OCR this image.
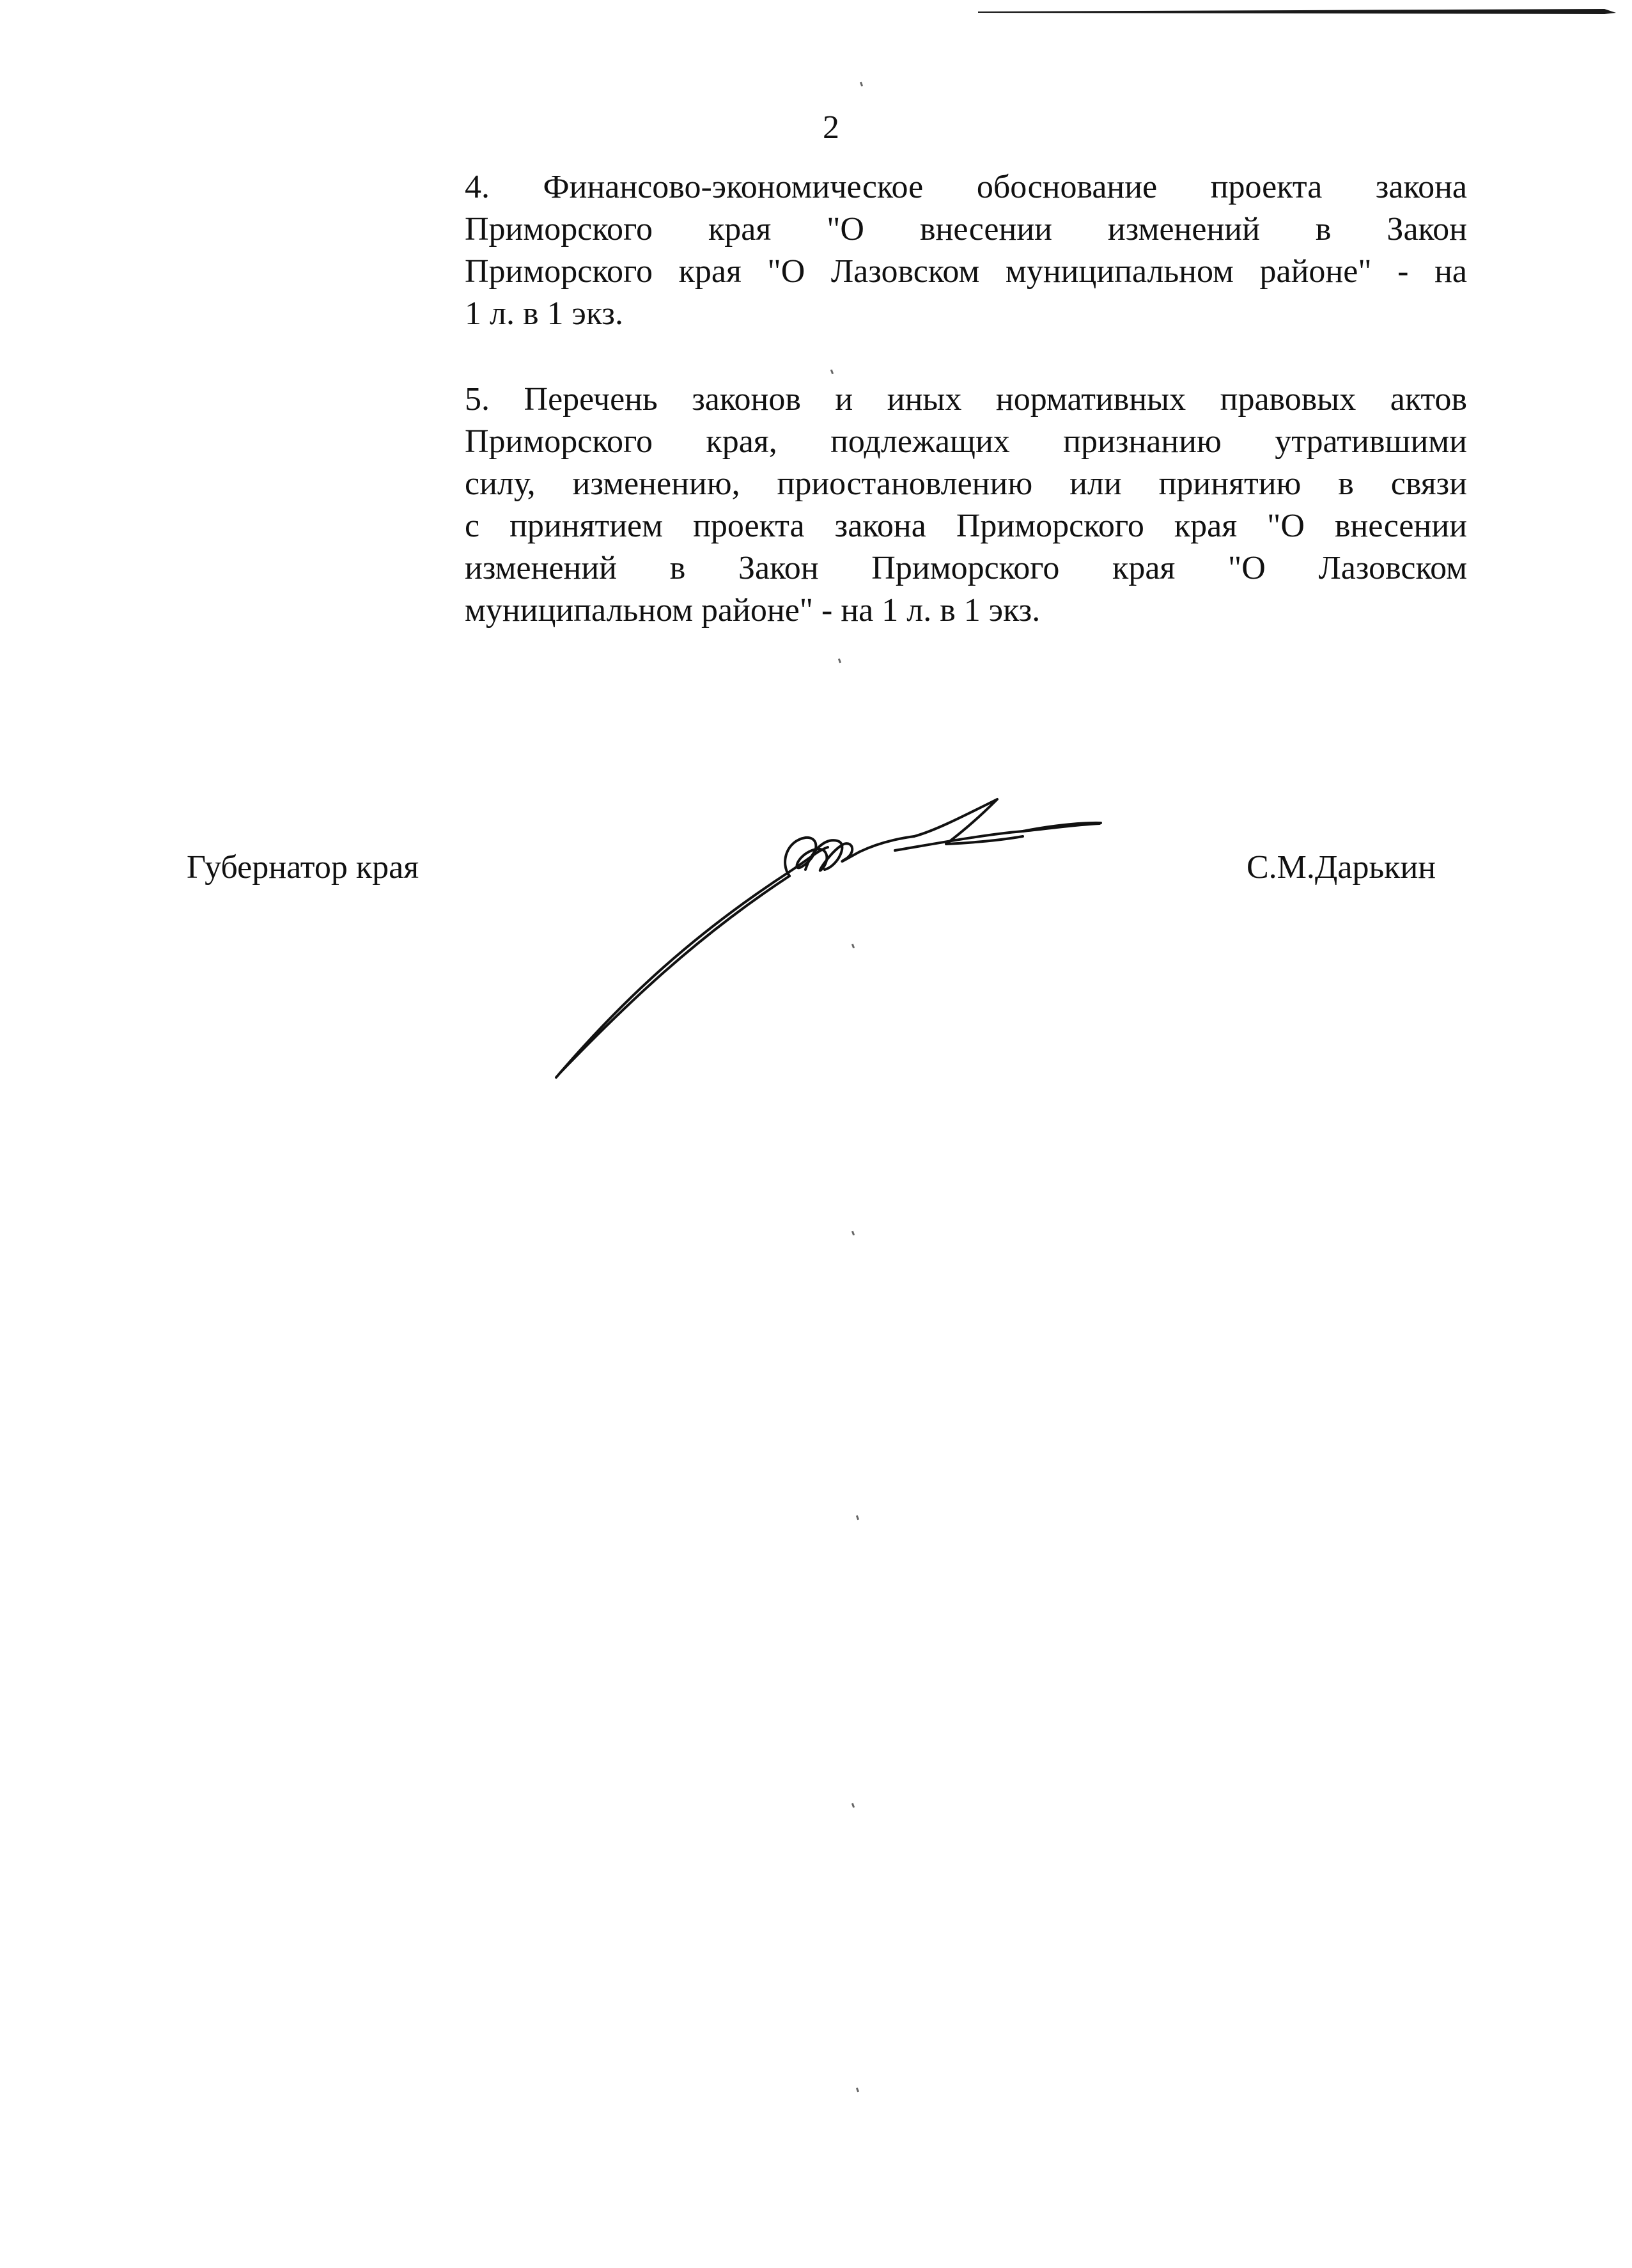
2
4. Финансово-экономическое обоснование проекта закона
Приморского края "О внесении изменений в Закон
Приморского края "О Лазовском муниципальном районе" - на
1 л. в 1 экз.
5. Перечень законов и иных нормативных правовых актов
Приморского края, подлежащих признанию утратившими
силу, изменению, приостановлению или принятию в связи
с принятием проекта закона Приморского края "О внесении
изменений в Закон Приморского края "О Лазовском
муниципальном районе" - на 1 л. в 1 экз.
Губернатор края	С.М.Дарькин
